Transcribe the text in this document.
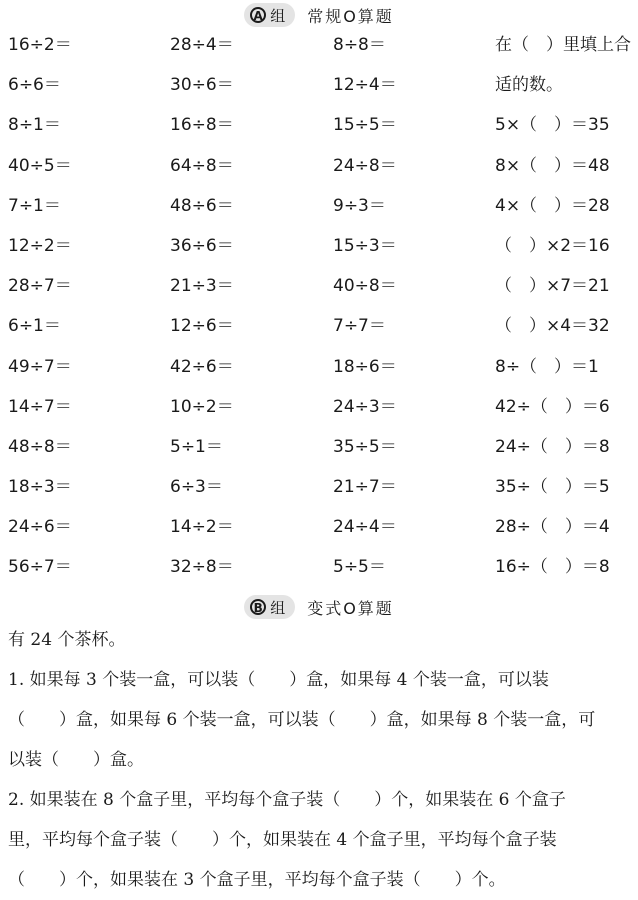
A 组 常规O算题
16÷2＝	28÷4＝	8÷8＝	在（　）里填上合
6÷6＝	30÷6＝	12÷4＝	适的数。
8÷1＝	16÷8＝	15÷5＝	5×（　）＝35
40÷5＝	64÷8＝	24÷8＝	8×（　）＝48
7÷1＝	48÷6＝	9÷3＝	4×（　）＝28
12÷2＝	36÷6＝	15÷3＝	（　）×2＝16
28÷7＝	21÷3＝	40÷8＝	（　）×7＝21
6÷1＝	12÷6＝	7÷7＝	（　）×4＝32
49÷7＝	42÷6＝	18÷6＝	8÷（　）＝1
14÷7＝	10÷2＝	24÷3＝	42÷（　）＝6
48÷8＝	5÷1＝	35÷5＝	24÷（　）＝8
18÷3＝	6÷3＝	21÷7＝	35÷（　）＝5
24÷6＝	14÷2＝	24÷4＝	28÷（　）＝4
56÷7＝	32÷8＝	5÷5＝	16÷（　）＝8
B 组 变式O算题
有 24 个茶杯。
1. 如果每 3 个装一盒，可以装（　　）盒，如果每 4 个装一盒，可以装
（　　）盒，如果每 6 个装一盒，可以装（　　）盒，如果每 8 个装一盒，可
以装（　　）盒。
2. 如果装在 8 个盒子里，平均每个盒子装（　　）个，如果装在 6 个盒子
里，平均每个盒子装（　　）个，如果装在 4 个盒子里，平均每个盒子装
（　　）个，如果装在 3 个盒子里，平均每个盒子装（　　）个。
